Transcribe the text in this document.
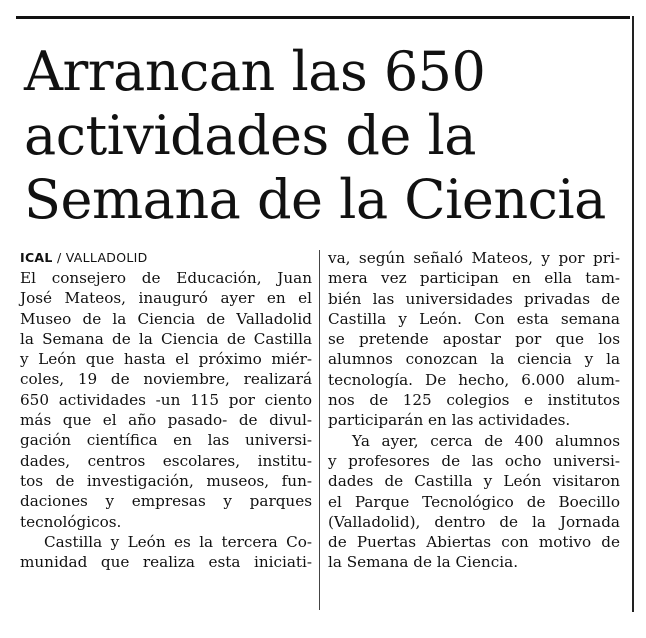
Arrancan las 650
actividades de la
Semana de la Ciencia
ICAL / VALLADOLID
El consejero de Educación, Juan
José Mateos, inauguró ayer en el
Museo de la Ciencia de Valladolid
la Semana de la Ciencia de Castilla
y León que hasta el próximo miér-
coles, 19 de noviembre, realizará
650 actividades -un 115 por ciento
más que el año pasado- de divul-
gación científica en las universi-
dades, centros escolares, institu-
tos de investigación, museos, fun-
daciones y empresas y parques
tecnológicos.
Castilla y León es la tercera Co-
munidad que realiza esta iniciati-
va, según señaló Mateos, y por pri-
mera vez participan en ella tam-
bién las universidades privadas de
Castilla y León. Con esta semana
se pretende apostar por que los
alumnos conozcan la ciencia y la
tecnología. De hecho, 6.000 alum-
nos de 125 colegios e institutos
participarán en las actividades.
Ya ayer, cerca de 400 alumnos
y profesores de las ocho universi-
dades de Castilla y León visitaron
el Parque Tecnológico de Boecillo
(Valladolid), dentro de la Jornada
de Puertas Abiertas con motivo de
la Semana de la Ciencia.
